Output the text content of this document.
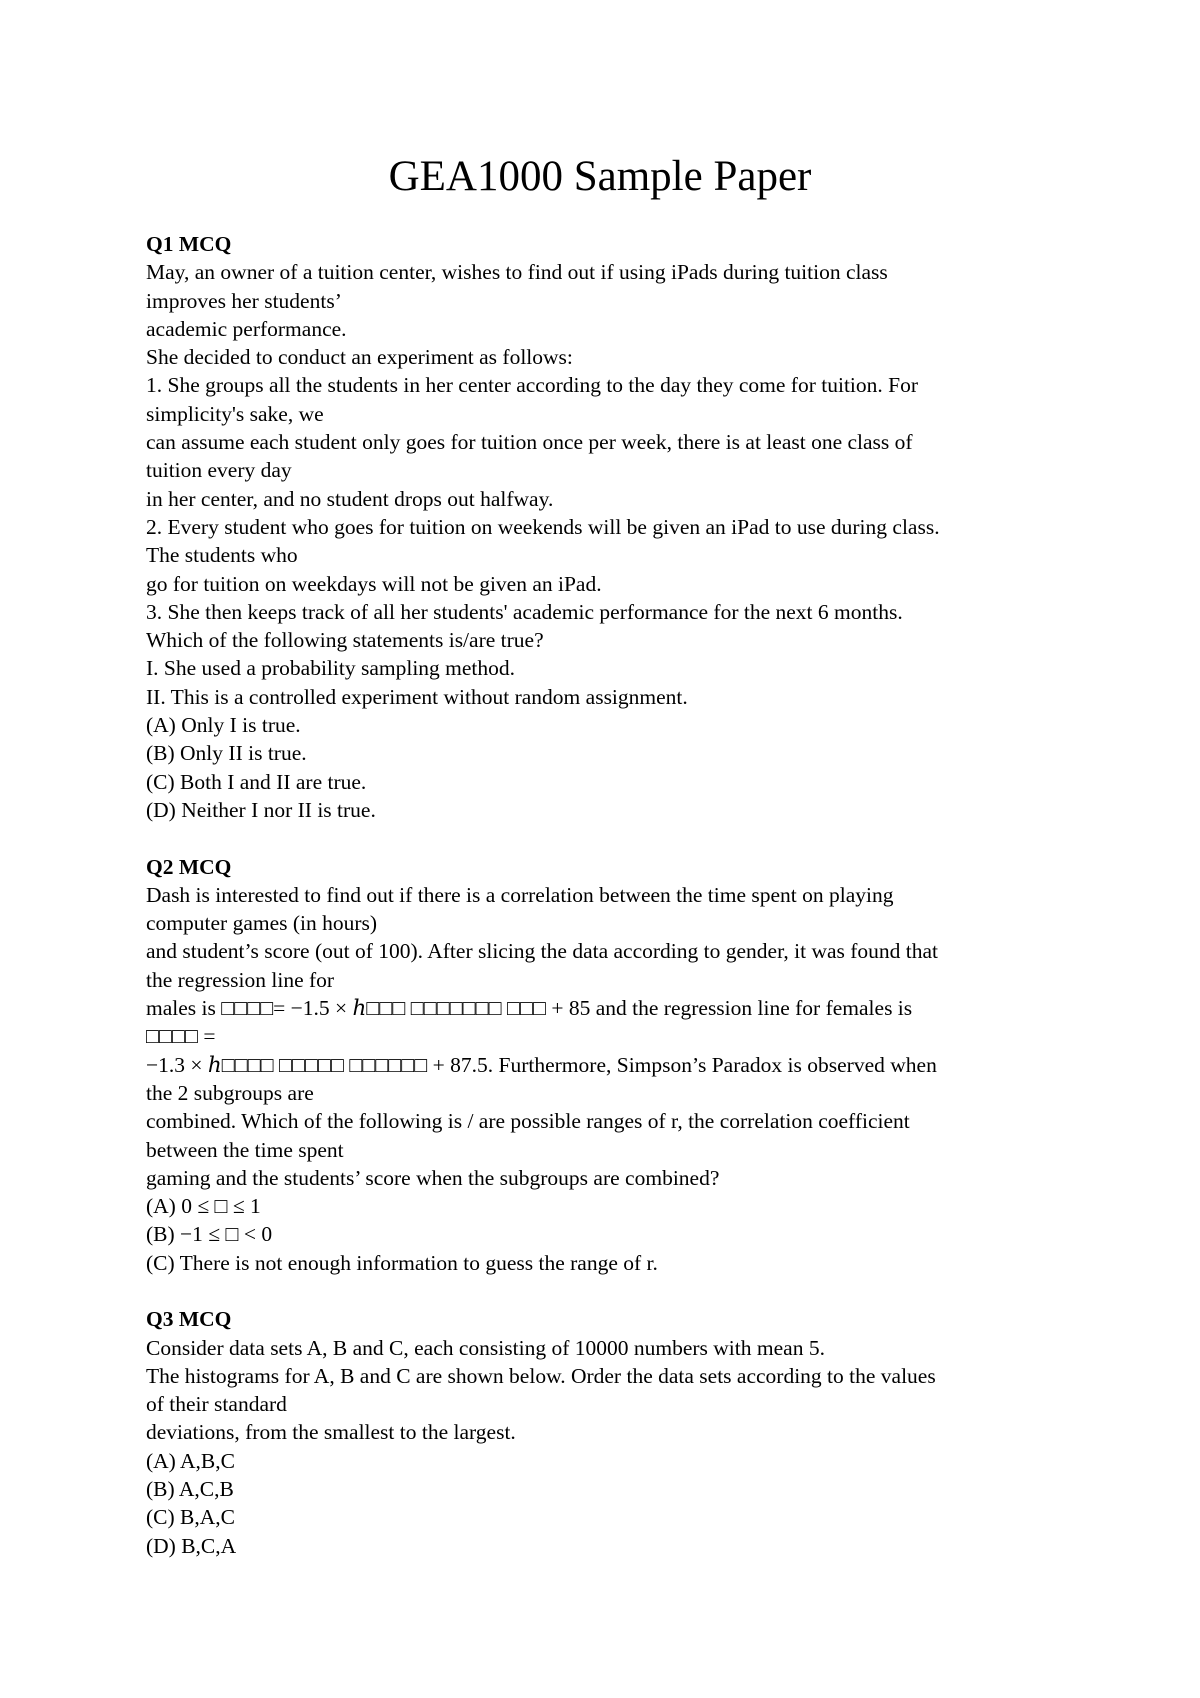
GEA1000 Sample Paper
Q1 MCQ
May, an owner of a tuition center, wishes to find out if using iPads during tuition class
improves her students’
academic performance.
She decided to conduct an experiment as follows:
1. She groups all the students in her center according to the day they come for tuition. For
simplicity's sake, we
can assume each student only goes for tuition once per week, there is at least one class of
tuition every day
in her center, and no student drops out halfway.
2. Every student who goes for tuition on weekends will be given an iPad to use during class.
The students who
go for tuition on weekdays will not be given an iPad.
3. She then keeps track of all her students' academic performance for the next 6 months.
Which of the following statements is/are true?
I. She used a probability sampling method.
II. This is a controlled experiment without random assignment.
(A) Only I is true.
(B) Only II is true.
(C) Both I and II are true.
(D) Neither I nor II is true.
Q2 MCQ
Dash is interested to find out if there is a correlation between the time spent on playing
computer games (in hours)
and student’s score (out of 100). After slicing the data according to gender, it was found that
the regression line for
males is □□□□= −1.5 × ℎ□□□ □□□□□□□ □□□ + 85 and the regression line for females is
□□□□ =
−1.3 × ℎ□□□□ □□□□□ □□□□□□ + 87.5. Furthermore, Simpson’s Paradox is observed when
the 2 subgroups are
combined. Which of the following is / are possible ranges of r, the correlation coefficient
between the time spent
gaming and the students’ score when the subgroups are combined?
(A) 0 ≤ □ ≤ 1
(B) −1 ≤ □ < 0
(C) There is not enough information to guess the range of r.
Q3 MCQ
Consider data sets A, B and C, each consisting of 10000 numbers with mean 5.
The histograms for A, B and C are shown below. Order the data sets according to the values
of their standard
deviations, from the smallest to the largest.
(A) A,B,C
(B) A,C,B
(C) B,A,C
(D) B,C,A
